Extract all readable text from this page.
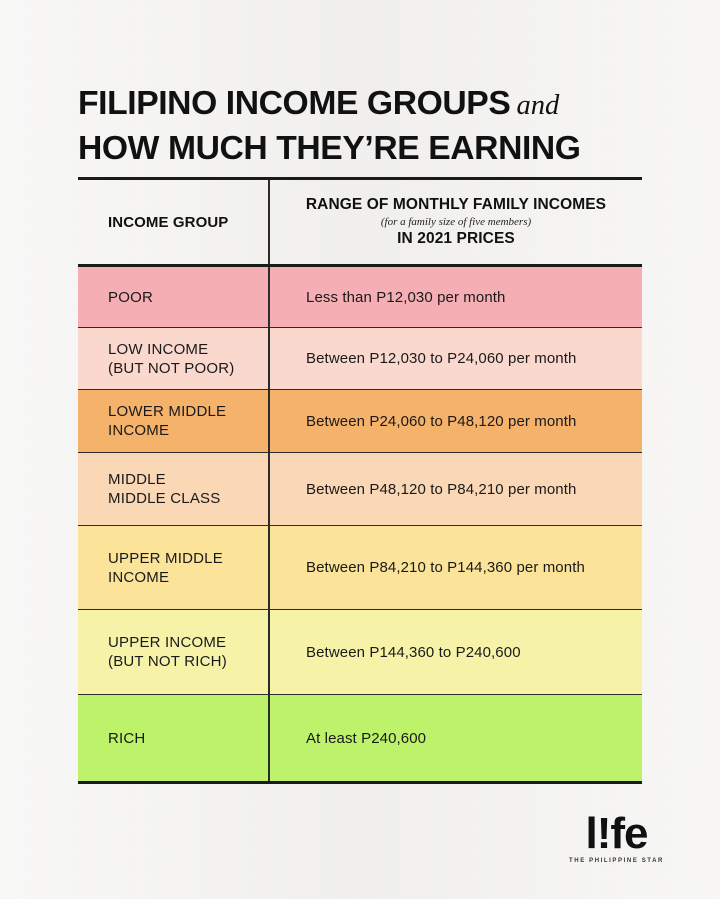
FILIPINO INCOME GROUPS and
HOW MUCH THEY’RE EARNING
INCOME GROUP
RANGE OF MONTHLY FAMILY INCOMES
(for a family size of five members)
IN 2021 PRICES
POOR	Less than P12,030 per month
LOW INCOME
(BUT NOT POOR)
Between P12,030 to P24,060 per month
LOWER MIDDLE
INCOME
Between P24,060 to P48,120 per month
MIDDLE
MIDDLE CLASS
Between P48,120 to P84,210 per month
UPPER MIDDLE
INCOME
Between P84,210 to P144,360 per month
UPPER INCOME
(BUT NOT RICH)
Between P144,360 to P240,600
RICH	At least P240,600
l!fe
THE PHILIPPINE STAR
